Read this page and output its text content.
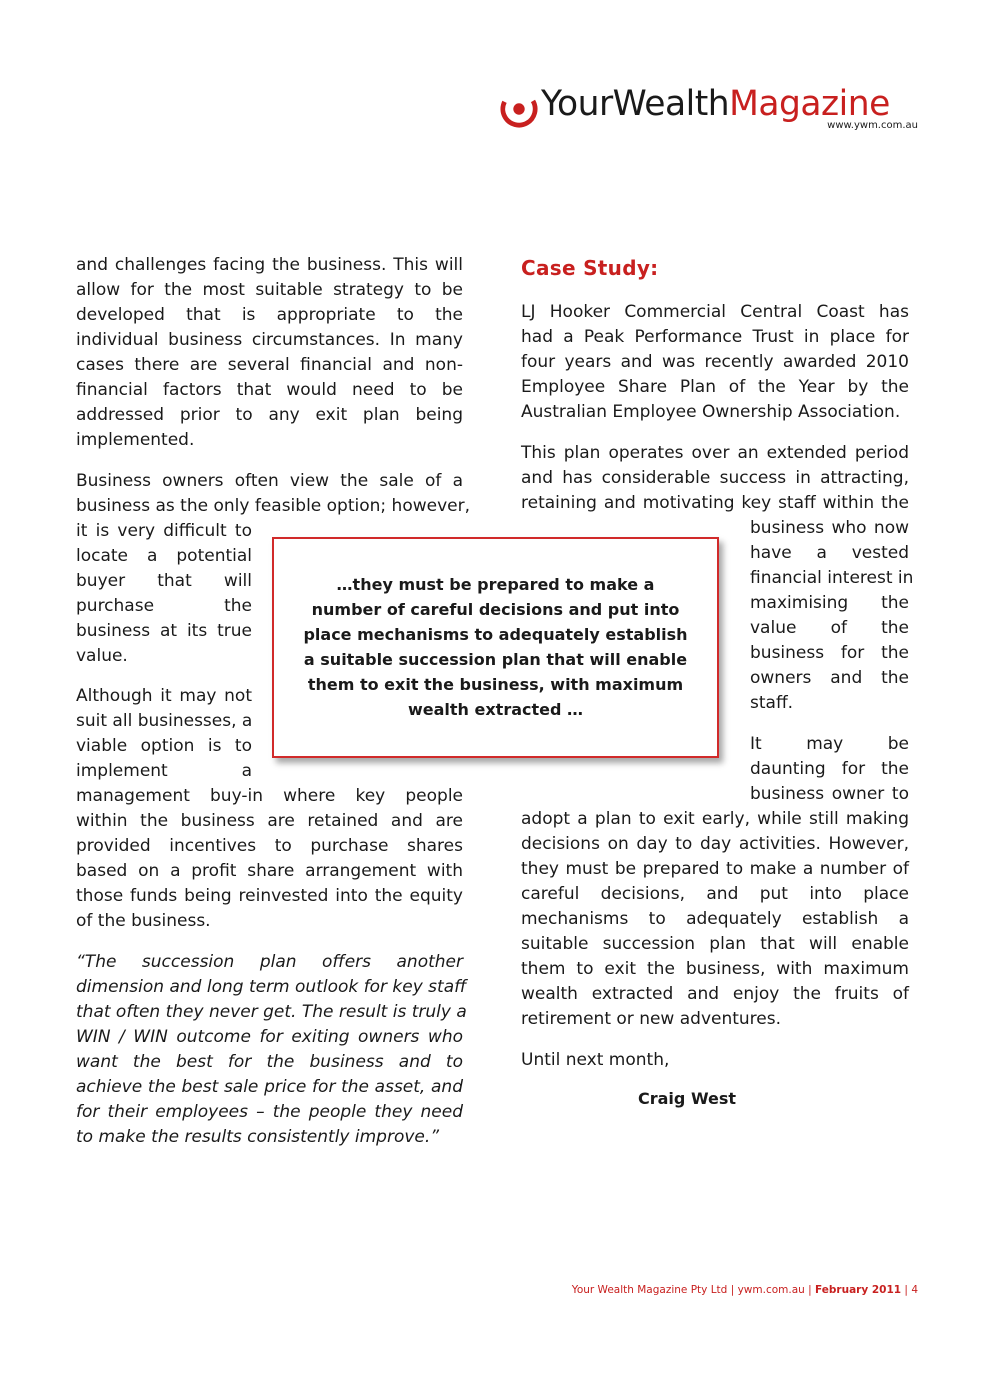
YourWealthMagazine
www.ywm.com.au
and challenges facing the business. This will
allow for the most suitable strategy to be
developed that is appropriate to the
individual business circumstances. In many
cases there are several financial and non-
financial factors that would need to be
addressed prior to any exit plan being
implemented.
Business owners often view the sale of a
business as the only feasible option; however,
it is very difficult to
locate a potential
buyer that will
purchase the
business at its true
value.
Although it may not
suit all businesses, a
viable option is to
implement a
management buy-in where key people
within the business are retained and are
provided incentives to purchase shares
based on a profit share arrangement with
those funds being reinvested into the equity
of the business.
“The succession plan offers another
dimension and long term outlook for key staff
that often they never get. The result is truly a
WIN / WIN outcome for exiting owners who
want the best for the business and to
achieve the best sale price for the asset, and
for their employees – the people they need
to make the results consistently improve.”
Case Study:
LJ Hooker Commercial Central Coast has
had a Peak Performance Trust in place for
four years and was recently awarded 2010
Employee Share Plan of the Year by the
Australian Employee Ownership Association.
This plan operates over an extended period
and has considerable success in attracting,
retaining and motivating key staff within the
business who now
have a vested
financial interest in
maximising the
value of the
business for the
owners and the
staff.
It may be
daunting for the
business owner to
adopt a plan to exit early, while still making
decisions on day to day activities. However,
they must be prepared to make a number of
careful decisions, and put into place
mechanisms to adequately establish a
suitable succession plan that will enable
them to exit the business, with maximum
wealth extracted and enjoy the fruits of
retirement or new adventures.
Until next month,
Craig West
…they must be prepared to make a
number of careful decisions and put into
place mechanisms to adequately establish
a suitable succession plan that will enable
them to exit the business, with maximum
wealth extracted …
Your Wealth Magazine Pty Ltd | ywm.com.au | February 2011 | 4
